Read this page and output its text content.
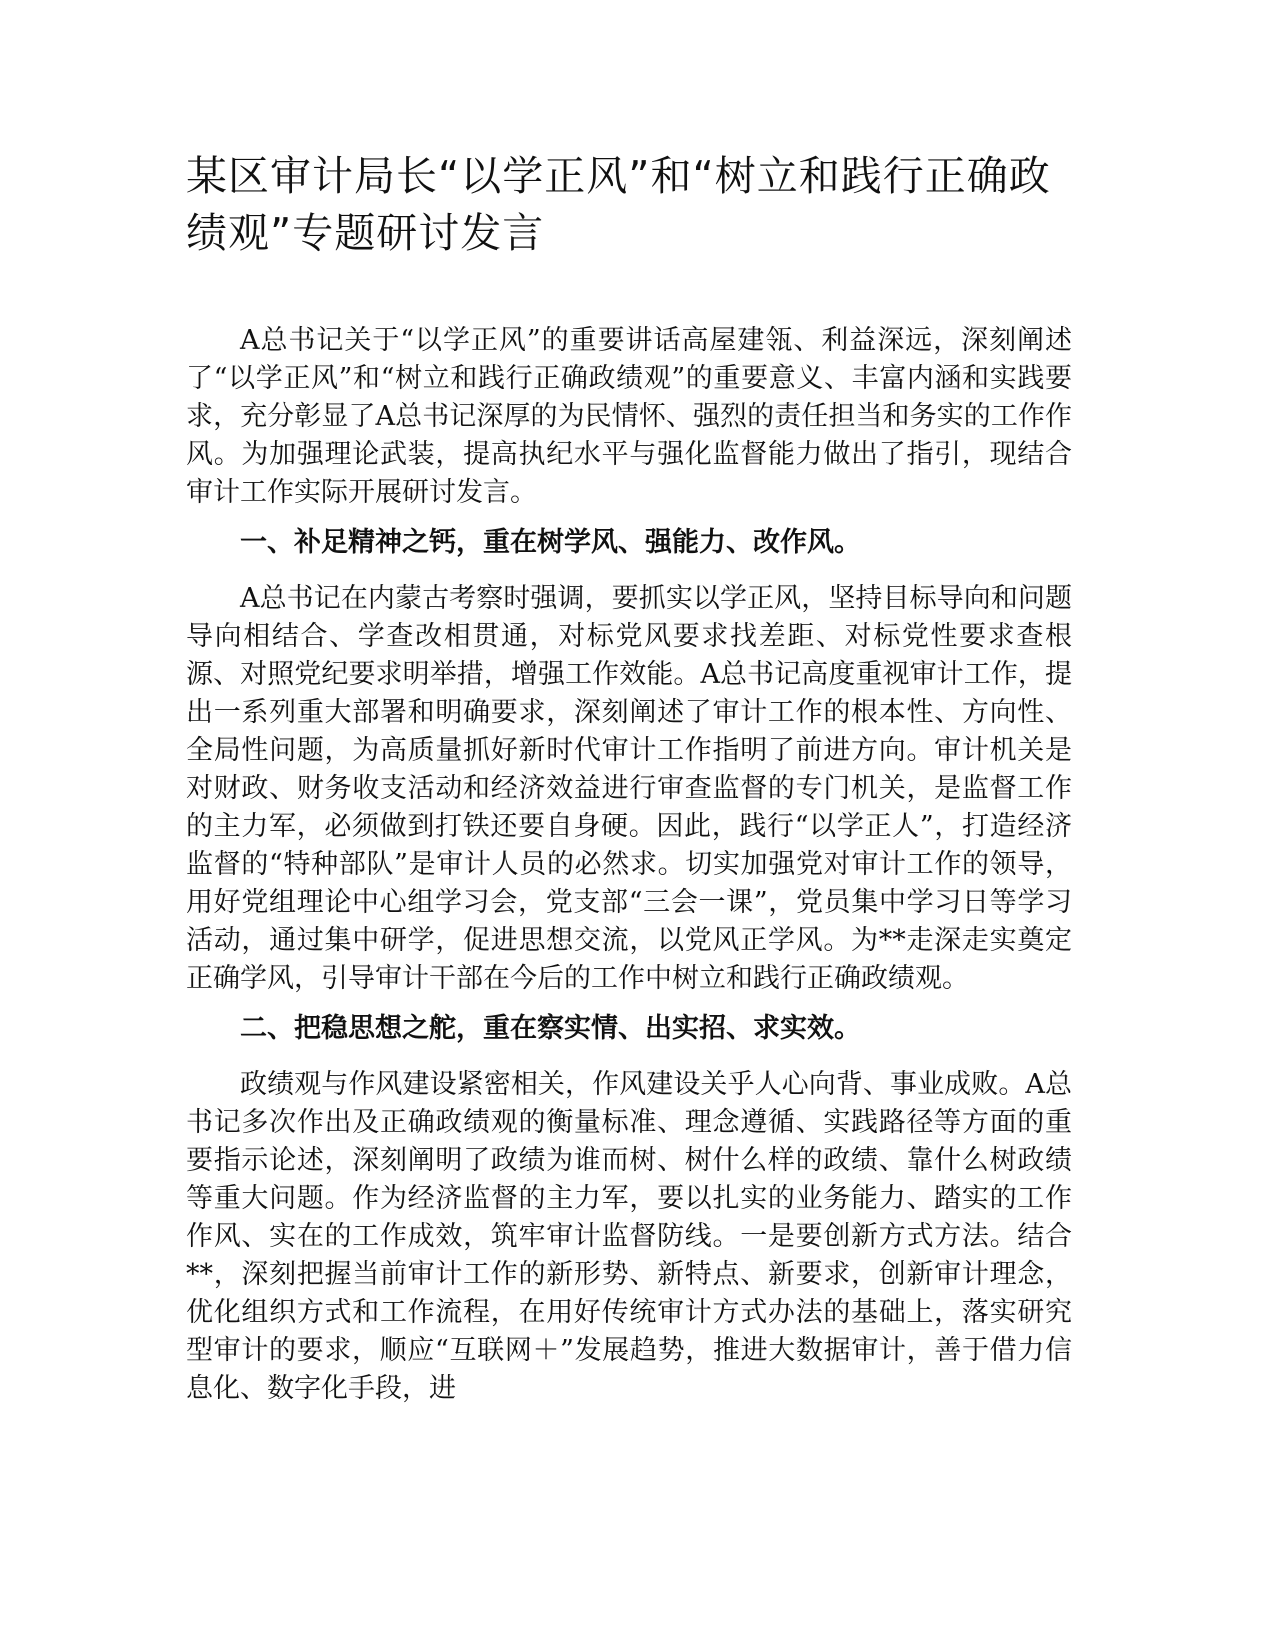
某区审计局长“以学正风”和“树立和践行正确政绩观”专题研讨发言

A总书记关于“以学正风”的重要讲话高屋建瓴、利益深远，深刻阐述了“以学正风”和“树立和践行正确政绩观”的重要意义、丰富内涵和实践要求，充分彰显了A总书记深厚的为民情怀、强烈的责任担当和务实的工作作风。为加强理论武装，提高执纪水平与强化监督能力做出了指引，现结合审计工作实际开展研讨发言。

一、补足精神之钙，重在树学风、强能力、改作风。

A总书记在内蒙古考察时强调，要抓实以学正风，坚持目标导向和问题导向相结合、学查改相贯通，对标党风要求找差距、对标党性要求查根源、对照党纪要求明举措，增强工作效能。A总书记高度重视审计工作，提出一系列重大部署和明确要求，深刻阐述了审计工作的根本性、方向性、全局性问题，为高质量抓好新时代审计工作指明了前进方向。审计机关是对财政、财务收支活动和经济效益进行审查监督的专门机关，是监督工作的主力军，必须做到打铁还要自身硬。因此，践行“以学正人”，打造经济监督的“特种部队”是审计人员的必然求。切实加强党对审计工作的领导，用好党组理论中心组学习会，党支部“三会一课”，党员集中学习日等学习活动，通过集中研学，促进思想交流，以党风正学风。为**走深走实奠定正确学风，引导审计干部在今后的工作中树立和践行正确政绩观。

二、把稳思想之舵，重在察实情、出实招、求实效。

政绩观与作风建设紧密相关，作风建设关乎人心向背、事业成败。A总书记多次作出及正确政绩观的衡量标准、理念遵循、实践路径等方面的重要指示论述，深刻阐明了政绩为谁而树、树什么样的政绩、靠什么树政绩等重大问题。作为经济监督的主力军，要以扎实的业务能力、踏实的工作作风、实在的工作成效，筑牢审计监督防线。一是要创新方式方法。结合**，深刻把握当前审计工作的新形势、新特点、新要求，创新审计理念，优化组织方式和工作流程，在用好传统审计方式办法的基础上，落实研究型审计的要求，顺应“互联网＋”发展趋势，推进大数据审计，善于借力信息化、数字化手段，进
